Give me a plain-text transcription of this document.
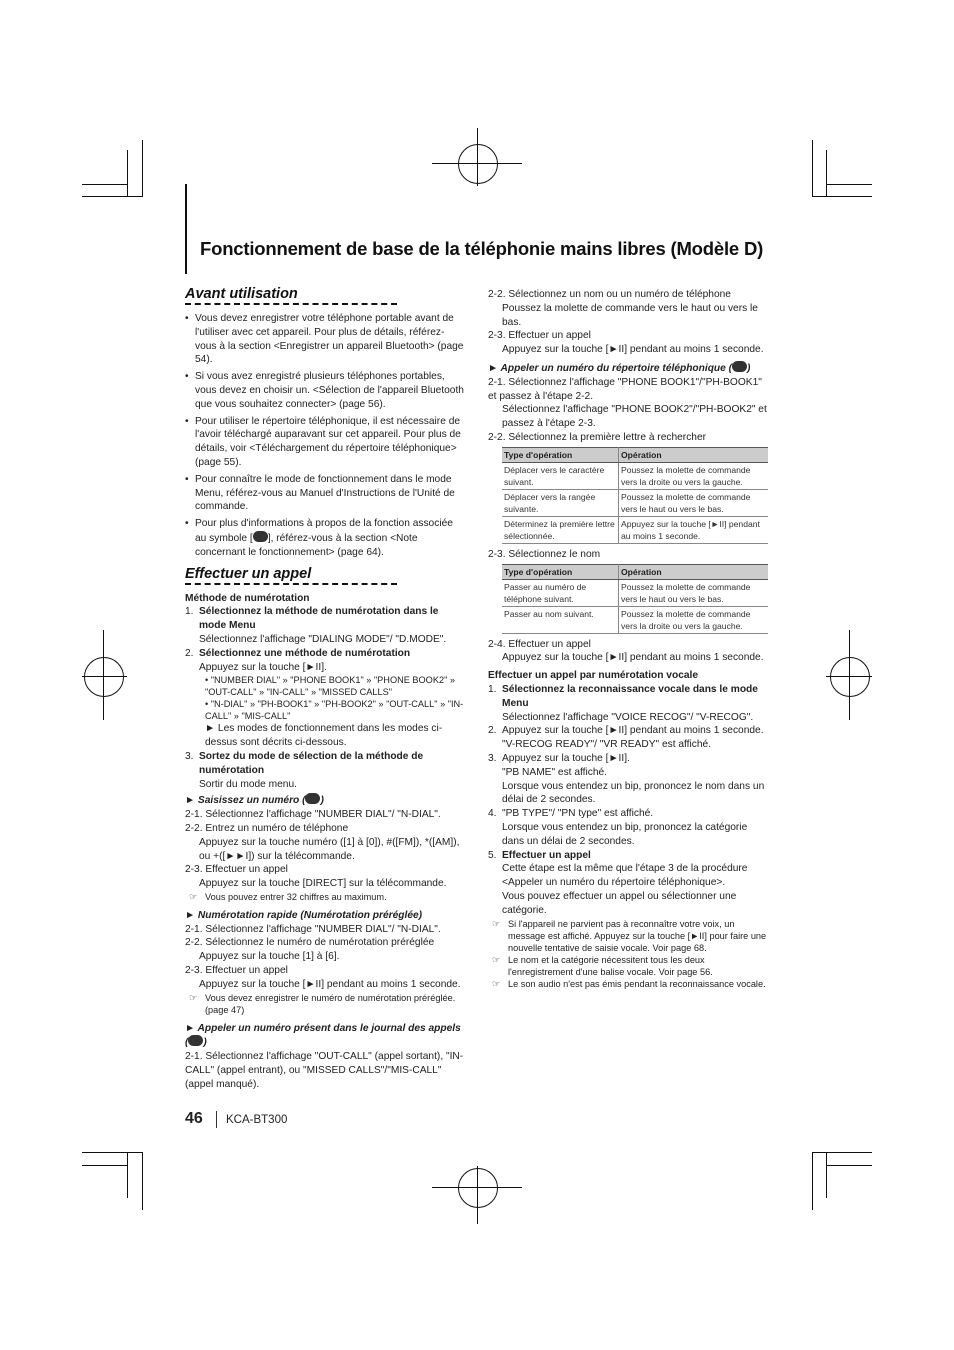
Fonctionnement de base de la téléphonie mains libres (Modèle D)
Avant utilisation
• Vous devez enregistrer votre téléphone portable avant de l'utiliser avec cet appareil. Pour plus de détails, référez-vous à la section <Enregistrer un appareil Bluetooth> (page 54).
• Si vous avez enregistré plusieurs téléphones portables, vous devez en choisir un. <Sélection de l'appareil Bluetooth que vous souhaitez connecter> (page 56).
• Pour utiliser le répertoire téléphonique, il est nécessaire de l'avoir téléchargé auparavant sur cet appareil. Pour plus de détails, voir <Téléchargement du répertoire téléphonique> (page 55).
• Pour connaître le mode de fonctionnement dans le mode Menu, référez-vous au Manuel d'Instructions de l'Unité de commande.
• Pour plus d'informations à propos de la fonction associée au symbole [ ], référez-vous à la section <Note concernant le fonctionnement> (page 64).
Effectuer un appel
Méthode de numérotation
1. Sélectionnez la méthode de numérotation dans le mode Menu
Sélectionnez l'affichage "DIALING MODE"/ "D.MODE".
2. Sélectionnez une méthode de numérotation
Appuyez sur la touche [►II].
• "NUMBER DIAL" » "PHONE BOOK1" » "PHONE BOOK2" » "OUT-CALL" » "IN-CALL" » "MISSED CALLS"
• "N-DIAL" » "PH-BOOK1" » "PH-BOOK2" » "OUT-CALL" » "IN-CALL" » "MIS-CALL"
► Les modes de fonctionnement dans les modes ci-dessus sont décrits ci-dessous.
3. Sortez du mode de sélection de la méthode de numérotation
Sortir du mode menu.
► Saisissez un numéro ( )
2-1. Sélectionnez l'affichage "NUMBER DIAL"/ "N-DIAL".
2-2. Entrez un numéro de téléphone
Appuyez sur la touche numéro ([1] à [0]), #([FM]), *([AM]), ou +([►►I]) sur la télécommande.
2-3. Effectuer un appel
Appuyez sur la touche [DIRECT] sur la télécommande.
☞ Vous pouvez entrer 32 chiffres au maximum.
► Numérotation rapide (Numérotation préréglée)
2-1. Sélectionnez l'affichage "NUMBER DIAL"/ "N-DIAL".
2-2. Sélectionnez le numéro de numérotation préréglée
Appuyez sur la touche [1] à [6].
2-3. Effectuer un appel
Appuyez sur la touche [►II] pendant au moins 1 seconde.
☞ Vous devez enregistrer le numéro de numérotation préréglée. (page 47)
► Appeler un numéro présent dans le journal des appels ( )
2-1. Sélectionnez l'affichage "OUT-CALL" (appel sortant), "IN-CALL" (appel entrant), ou "MISSED CALLS"/"MIS-CALL" (appel manqué).
2-2. Sélectionnez un nom ou un numéro de téléphone
Poussez la molette de commande vers le haut ou vers le bas.
2-3. Effectuer un appel
Appuyez sur la touche [►II] pendant au moins 1 seconde.
► Appeler un numéro du répertoire téléphonique ( )
2-1. Sélectionnez l'affichage "PHONE BOOK1"/"PH-BOOK1" et passez à l'étape 2-2.
Sélectionnez l'affichage "PHONE BOOK2"/"PH-BOOK2" et passez à l'étape 2-3.
2-2. Sélectionnez la première lettre à rechercher
Type d'opération	Opération
Déplacer vers le caractère suivant.	Poussez la molette de commande vers la droite ou vers la gauche.
Déplacer vers la rangée suivante.	Poussez la molette de commande vers le haut ou vers le bas.
Déterminez la première lettre sélectionnée.	Appuyez sur la touche [►II] pendant au moins 1 seconde.
2-3. Sélectionnez le nom
Type d'opération	Opération
Passer au numéro de téléphone suivant.	Poussez la molette de commande vers le haut ou vers le bas.
Passer au nom suivant.	Poussez la molette de commande vers la droite ou vers la gauche.
2-4. Effectuer un appel
Appuyez sur la touche [►II] pendant au moins 1 seconde.
Effectuer un appel par numérotation vocale
1. Sélectionnez la reconnaissance vocale dans le mode Menu
Sélectionnez l'affichage "VOICE RECOG"/ "V-RECOG".
2. Appuyez sur la touche [►II] pendant au moins 1 seconde.
"V-RECOG READY"/ "VR READY" est affiché.
3. Appuyez sur la touche [►II].
"PB NAME" est affiché.
Lorsque vous entendez un bip, prononcez le nom dans un délai de 2 secondes.
4. "PB TYPE"/ "PN type" est affiché.
Lorsque vous entendez un bip, prononcez la catégorie dans un délai de 2 secondes.
5. Effectuer un appel
Cette étape est la même que l'étape 3 de la procédure <Appeler un numéro du répertoire téléphonique>.
Vous pouvez effectuer un appel ou sélectionner une catégorie.
☞ Si l'appareil ne parvient pas à reconnaître votre voix, un message est affiché. Appuyez sur la touche [►II] pour faire une nouvelle tentative de saisie vocale. Voir page 68.
☞ Le nom et la catégorie nécessitent tous les deux l'enregistrement d'une balise vocale. Voir page 56.
☞ Le son audio n'est pas émis pendant la reconnaissance vocale.
46 KCA-BT300
